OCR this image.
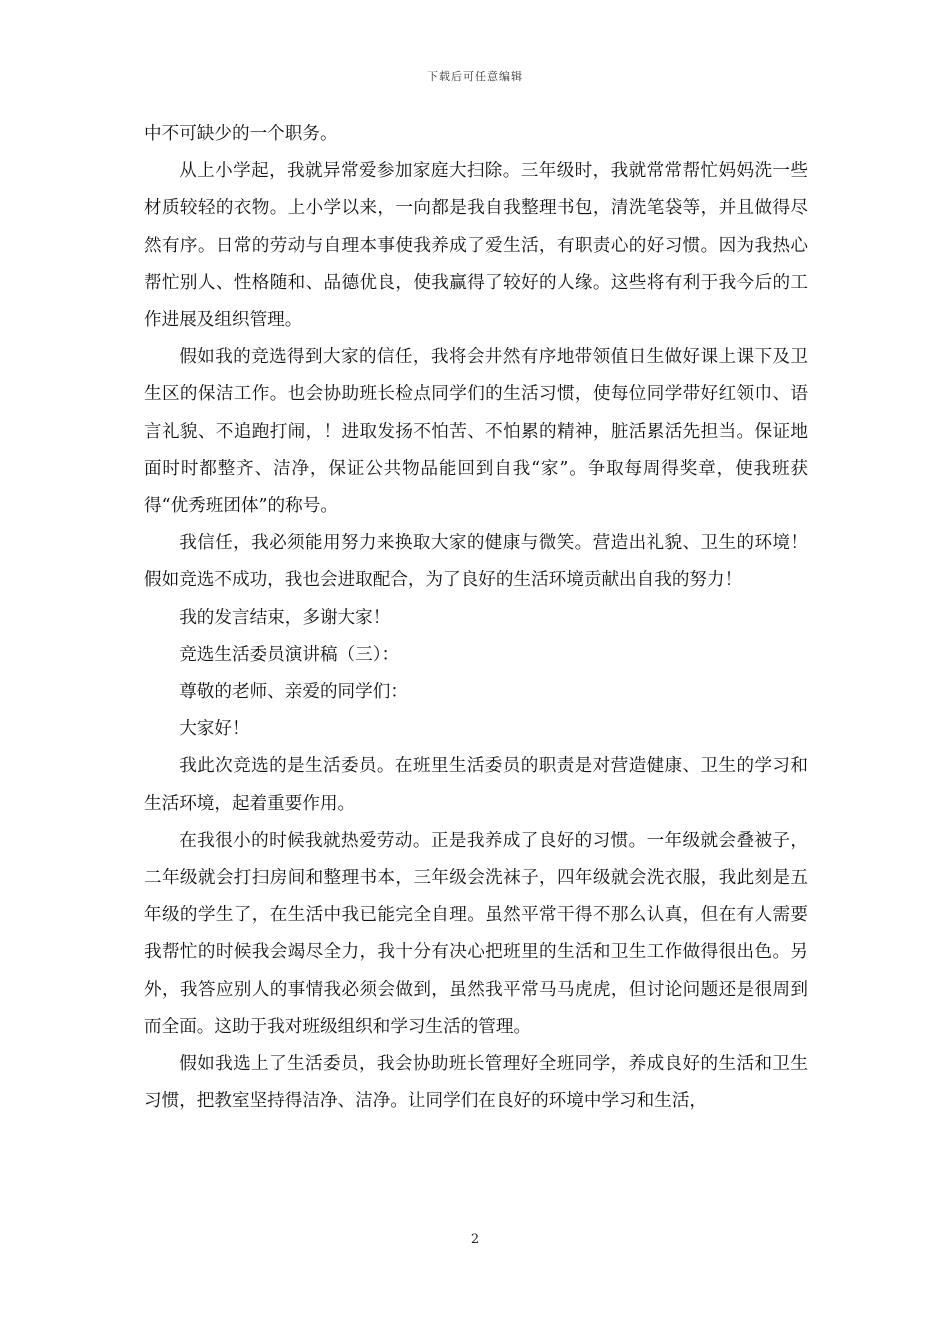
下载后可任意编辑

中不可缺少的一个职务。

从上小学起，我就异常爱参加家庭大扫除。三年级时，我就常常帮忙妈妈洗一些材质较轻的衣物。上小学以来，一向都是我自我整理书包，清洗笔袋等，并且做得尽然有序。日常的劳动与自理本事使我养成了爱生活，有职责心的好习惯。因为我热心帮忙别人、性格随和、品德优良，使我赢得了较好的人缘。这些将有利于我今后的工作进展及组织管理。

假如我的竞选得到大家的信任，我将会井然有序地带领值日生做好课上课下及卫生区的保洁工作。也会协助班长检点同学们的生活习惯，使每位同学带好红领巾、语言礼貌、不追跑打闹，！进取发扬不怕苦、不怕累的精神，脏活累活先担当。保证地面时时都整齐、洁净，保证公共物品能回到自我“家”。争取每周得奖章，使我班获得“优秀班团体”的称号。

我信任，我必须能用努力来换取大家的健康与微笑。营造出礼貌、卫生的环境！假如竞选不成功，我也会进取配合，为了良好的生活环境贡献出自我的努力！

我的发言结束，多谢大家！

竞选生活委员演讲稿（三）：

尊敬的老师、亲爱的同学们：

大家好！

我此次竞选的是生活委员。在班里生活委员的职责是对营造健康、卫生的学习和生活环境，起着重要作用。

在我很小的时候我就热爱劳动。正是我养成了良好的习惯。一年级就会叠被子，二年级就会打扫房间和整理书本，三年级会洗袜子，四年级就会洗衣服，我此刻是五年级的学生了，在生活中我已能完全自理。虽然平常干得不那么认真，但在有人需要我帮忙的时候我会竭尽全力，我十分有决心把班里的生活和卫生工作做得很出色。另外，我答应别人的事情我必须会做到，虽然我平常马马虎虎，但讨论问题还是很周到而全面。这助于我对班级组织和学习生活的管理。

假如我选上了生活委员，我会协助班长管理好全班同学，养成良好的生活和卫生习惯，把教室坚持得洁净、洁净。让同学们在良好的环境中学习和生活，

2
